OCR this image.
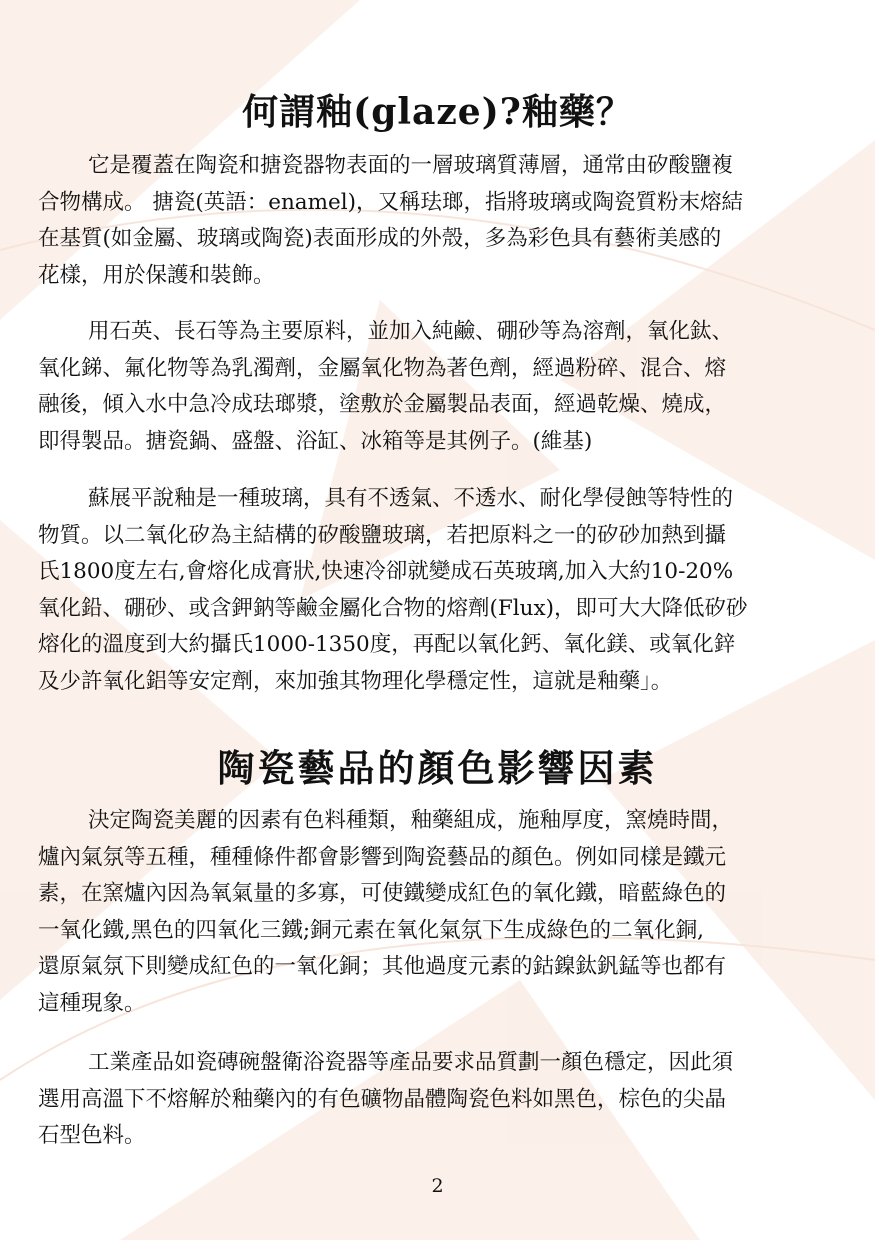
何謂釉(glaze)?釉藥？
它是覆蓋在陶瓷和搪瓷器物表面的一層玻璃質薄層，通常由矽酸鹽複
合物構成。 搪瓷(英語：enamel)，又稱珐瑯，指將玻璃或陶瓷質粉末熔結
在基質(如金屬、玻璃或陶瓷)表面形成的外殼，多為彩色具有藝術美感的
花樣，用於保護和裝飾。
用石英、長石等為主要原料，並加入純鹼、硼砂等為溶劑，氧化鈦、
氧化銻、氟化物等為乳濁劑，金屬氧化物為著色劑，經過粉碎、混合、熔
融後，傾入水中急冷成珐瑯漿，塗敷於金屬製品表面，經過乾燥、燒成，
即得製品。搪瓷鍋、盛盤、浴缸、冰箱等是其例子。(維基)
蘇展平說釉是一種玻璃，具有不透氣、不透水、耐化學侵蝕等特性的
物質。以二氧化矽為主結構的矽酸鹽玻璃，若把原料之一的矽砂加熱到攝
氏1800度左右,會熔化成膏狀,快速冷卻就變成石英玻璃,加入大約10-20%
氧化鉛、硼砂、或含鉀鈉等鹼金屬化合物的熔劑(Flux)，即可大大降低矽砂
熔化的溫度到大約攝氏1000-1350度，再配以氧化鈣、氧化鎂、或氧化鋅
及少許氧化鋁等安定劑，來加強其物理化學穩定性，這就是釉藥」。
陶瓷藝品的顏色影響因素
決定陶瓷美麗的因素有色料種類，釉藥組成，施釉厚度，窯燒時間，
爐內氣氛等五種，種種條件都會影響到陶瓷藝品的顏色。例如同樣是鐵元
素，在窯爐內因為氧氣量的多寡，可使鐵變成紅色的氧化鐵，暗藍綠色的
一氧化鐵,黑色的四氧化三鐵;銅元素在氧化氣氛下生成綠色的二氧化銅,
還原氣氛下則變成紅色的一氧化銅；其他過度元素的鈷鎳鈦釩錳等也都有
這種現象。
工業產品如瓷磚碗盤衛浴瓷器等產品要求品質劃一顏色穩定，因此須
選用高溫下不熔解於釉藥內的有色礦物晶體陶瓷色料如黑色，棕色的尖晶
石型色料。
2
